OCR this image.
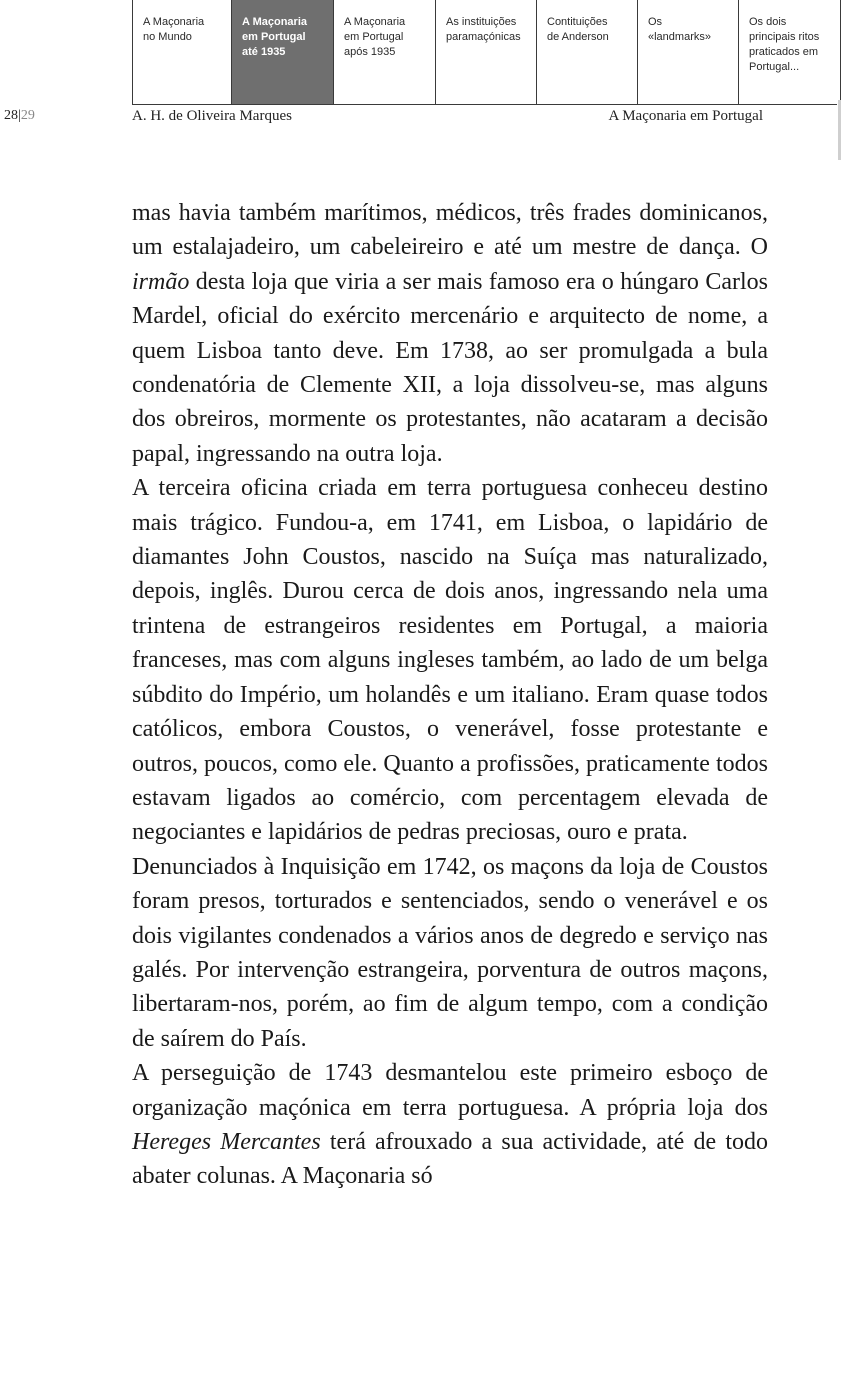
A Maçonaria
no Mundo
A Maçonaria
em Portugal
até 1935
A Maçonaria
em Portugal
após 1935
As instituições
paramaçónicas
Contituições
de Anderson
Os
«landmarks»
Os dois
principais ritos
praticados em
Portugal...
28|29	A. H. de Oliveira Marques	A Maçonaria em Portugal

mas havia também marítimos, médicos, três frades dominicanos, um estalajadeiro, um cabeleireiro e até um mestre de dança. O irmão desta loja que viria a ser mais famoso era o húngaro Carlos Mardel, oficial do exército mercenário e arquitecto de nome, a quem Lisboa tanto deve. Em 1738, ao ser promulgada a bula condenatória de Clemente XII, a loja dissolveu-se, mas alguns dos obreiros, mormente os protestantes, não acataram a decisão papal, ingressando na outra loja.

A terceira oficina criada em terra portuguesa conheceu destino mais trágico. Fundou-a, em 1741, em Lisboa, o lapidário de diamantes John Coustos, nascido na Suíça mas naturalizado, depois, inglês. Durou cerca de dois anos, ingressando nela uma trintena de estrangeiros residentes em Portugal, a maioria franceses, mas com alguns ingleses também, ao lado de um belga súbdito do Império, um holandês e um italiano. Eram quase todos católicos, embora Coustos, o venerável, fosse protestante e outros, poucos, como ele. Quanto a profissões, praticamente todos estavam ligados ao comércio, com percentagem elevada de negociantes e lapidários de pedras preciosas, ouro e prata.

Denunciados à Inquisição em 1742, os maçons da loja de Coustos foram presos, torturados e sentenciados, sendo o venerável e os dois vigilantes condenados a vários anos de degredo e serviço nas galés. Por intervenção estrangeira, porventura de outros maçons, libertaram-nos, porém, ao fim de algum tempo, com a condição de saírem do País.

A perseguição de 1743 desmantelou este primeiro esboço de organização maçónica em terra portuguesa. A própria loja dos Hereges Mercantes terá afrouxado a sua actividade, até de todo abater colunas. A Maçonaria só
